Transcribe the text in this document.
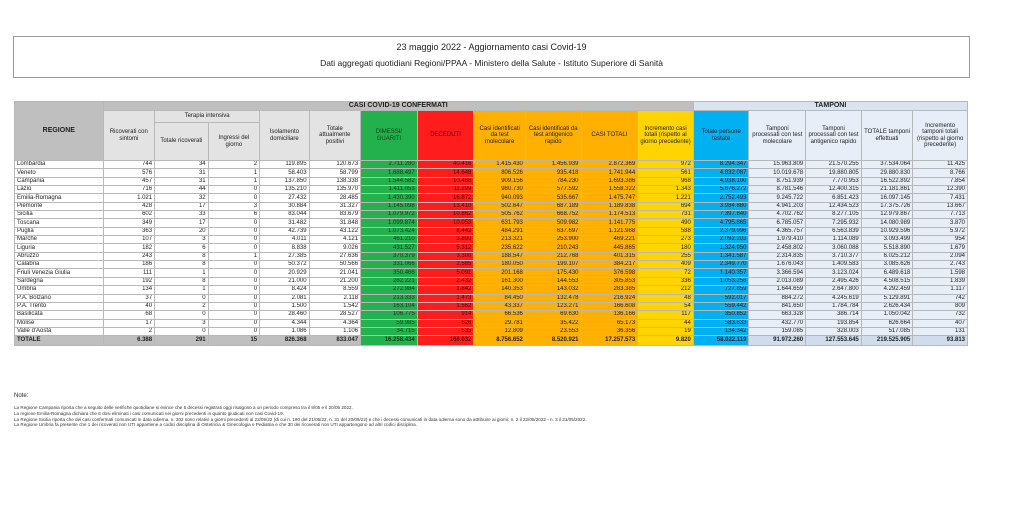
23 maggio 2022 - Aggiornamento casi Covid-19
Dati aggregati quotidiani Regioni/PPAA - Ministero della Salute - Istituto Superiore di Sanità
REGIONE	CASI COVID-19 CONFERMATI											TAMPONI				
	Ricoverati con sintomi	Terapia intensiva		Isolamento domiciliare	Totale attualmente positivi	DIMESSI/ GUARITI	DECEDUTI	Casi identificati da test molecolare	Casi identificati da test antigenico rapido	CASI TOTALI	Incremento casi totali (rispetto al giorno precedente)	Totale persone testate	Tamponi processati con test molecolare	Tamponi processati con test antigenico rapido	TOTALE tamponi effettuati	Incremento tamponi totali (rispetto al giorno precedente)
		Totale ricoverati	Ingressi del giorno													
Lombardia	744	34	2	119.895	120.673	2.711.280	40.416	1.415.430	1.456.939	2.872.369	972	8.294.347	15.963.809	21.570.255	37.534.064	11.425
Veneto	576	31	1	58.403	58.799	1.688.497	14.648	806.526	935.418	1.741.944	561	4.832.087	10.019.678	19.880.805	29.880.830	8.766
Campania	457	31	1	137.850	138.338	1.544.582	10.466	909.156	784.230	1.693.386	968	4.938.100	8.751.939	7.770.953	16.522.892	7.854
Lazio	716	44	0	135.210	135.970	1.411.053	11.299	980.730	577.592	1.558.322	1.343	5.676.272	8.781.546	12.400.315	21.181.861	12.390
Emilia-Romagna	1.021	32	0	27.432	28.485	1.430.390	16.872	940.093	535.667	1.475.747	1.221	2.752.493	9.245.722	6.851.423	16.097.145	7.431
Piemonte	428	17	3	30.884	31.327	1.145.098	13.410	502.647	687.189	1.189.838	694	3.984.880	4.941.203	12.434.523	17.375.726	13.667
Sicilia	602	33	6	83.044	83.679	1.079.972	10.862	505.762	668.752	1.174.513	731	7.397.840	4.702.762	8.277.105	12.979.867	7.713
Toscana	349	17	0	31.482	31.848	1.099.874	10.053	631.793	509.982	1.141.775	490	4.795.865	6.785.057	7.295.932	14.080.989	3.870
Puglia	363	20	0	42.739	43.122	1.073.424	8.442	484.291	637.697	1.121.988	588	2.379.996	4.365.757	6.563.839	10.929.596	5.972
Marche	107	3	0	4.011	4.121	461.210	3.890	213.321	253.900	469.221	273	2.092.203	1.979.410	1.114.089	3.093.499	954
Liguria	182	6	0	8.838	9.026	431.527	5.312	235.622	210.243	445.865	180	1.324.950	2.458.802	3.060.088	5.518.890	1.679
Abruzzo	243	8	1	27.385	27.636	370.379	3.300	188.547	212.768	401.315	255	1.341.587	2.314.835	3.710.377	6.025.212	2.094
Calabria	186	8	0	50.372	50.566	331.066	2.585	180.050	199.107	384.217	409	2.349.770	1.676.043	1.409.583	3.085.626	2.743
Friuli Venezia Giulia	111	1	0	20.929	21.041	350.466	5.091	201.168	175.430	376.598	72	1.140.357	3.366.594	3.123.024	6.489.618	1.598
Sardegna	192	8	0	21.000	21.200	282.221	2.432	161.300	144.553	305.853	336	1.053.256	2.013.089	2.495.426	4.508.515	1.839
Umbria	134	1	0	8.424	8.559	272.984	1.842	140.353	143.032	283.385	212	727.859	1.644.659	2.647.800	4.292.459	1.117
P.A. Bolzano	37	0	0	2.081	2.118	213.333	1.473	84.450	132.478	216.924	48	592.017	884.272	4.245.619	5.129.891	742
P.A. Trento	40	2	0	1.500	1.542	163.104	1.562	43.337	123.271	166.608	54	559.442	841.650	1.784.784	2.626.434	809
Basilicata	68	0	0	28.460	28.527	106.775	914	66.536	69.630	136.166	117	350.852	663.328	386.714	1.050.042	732
Molise	17	3	0	4.344	4.364	59.985	626	29.781	35.422	65.173	44	583.633	432.770	193.854	626.664	407
Valle d'Aosta	2	0	0	1.086	1.106	34.715	535	12.809	23.553	36.356	19	134.342	159.085	328.003	517.085	131
TOTALE	6.388	291	15	826.368	833.047	16.258.434	166.032	8.756.652	8.520.921	17.257.573	9.820	58.022.119	91.972.260	127.553.645	219.525.905	93.813
Note:
La Regione Campania riporta che a seguito delle verifiche quotidiane si evince che 5 decessi registrati oggi risalgono a un periodo compreso tra il 9/05 e il 20/05 2022.
La regione Emilia-Romagna dichiara che 6 dosi eliminati i casi comunicati nei giorni precedenti in quanto giudicati non casi Covid-19.
La Regione Sicilia riporta che dei casi confermati comunicati in data odierna, n. 302 sono relativi a giorni precedenti al 22/05/22 (di cui n. 190 del 21/05/22, n. 31 del 20/05/22) e che i decessi comunicati in data odierna sono da attribuire ai giorni: n. 2 il 22/05/2022 - n. 3 il 21/05/2022.
La Regione Umbria fa presente che 1 dei ricoverati non UTI appartiene a codici disciplina di Ostetricia & Ginecologia e Pediatria e che 30 dei ricoverati non UTI appartengono ad altri codici disciplina.
